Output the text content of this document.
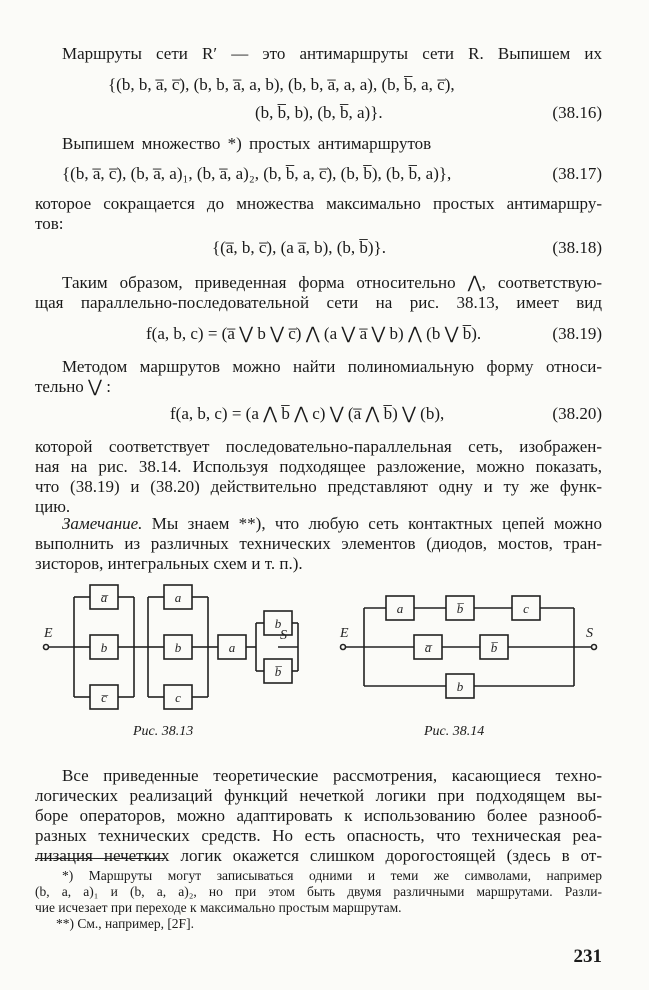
Маршруты сети R′ — это антимаршруты сети R. Выпишем их
{(b, b, a̅, c̅), (b, b, a̅, a, b), (b, b, a̅, a, a), (b, b̅, a, c̅),
(b, b̅, b), (b, b̅, a)}.	(38.16)
Выпишем множество *) простых антимаршрутов
{(b, a̅, c̅), (b, a̅, a)₁, (b, a̅, a)₂, (b, b̅, a, c̅), (b, b̅), (b, b̅, a)},	(38.17)
которое сокращается до множества максимально простых антимаршру-
тов:
{(a̅, b, c̅), (a a̅, b), (b, b̅)}.	(38.18)
Таким образом, приведенная форма относительно ⋀, соответствую-
щая параллельно-последовательной сети на рис. 38.13, имеет вид
f(a, b, c) = (a̅ ⋁ b ⋁ c̅) ⋀ (a ⋁ a̅ ⋁ b) ⋀ (b ⋁ b̅).	(38.19)
Методом маршрутов можно найти полиномиальную форму относи-
тельно ⋁ :
f(a, b, c) = (a ⋀ b̅ ⋀ c) ⋁ (a̅ ⋀ b̅) ⋁ (b),	(38.20)
которой соответствует последовательно-параллельная сеть, изображен-
ная на рис. 38.14. Используя подходящее разложение, можно показать,
что (38.19) и (38.20) действительно представляют одну и ту же функ-
цию.
Замечание. Мы знаем **), что любую сеть контактных цепей можно
выполнить из различных технических элементов (диодов, мостов, тран-
зисторов, интегральных схем и т. п.).
E
a̅
b
c̅
a
b
c
a
b
b̅
S	E	S
a	b̅	c
a̅	b̅
b
Рис. 38.13	Рис. 38.14
Все приведенные теоретические рассмотрения, касающиеся техно-
логических реализаций функций нечеткой логики при подходящем вы-
боре операторов, можно адаптировать к использованию более разнооб-
разных технических средств. Но есть опасность, что техническая реа-
лизация нечетких логик окажется слишком дорогостоящей (здесь в от-
*) Маршруты могут записываться одними и теми же символами, например
(b, a, a)₁ и (b, a, a)₂, но при этом быть двумя различными маршрутами. Разли-
чие исчезает при переходе к максимально простым маршрутам.
**) См., например, [2F].
231
